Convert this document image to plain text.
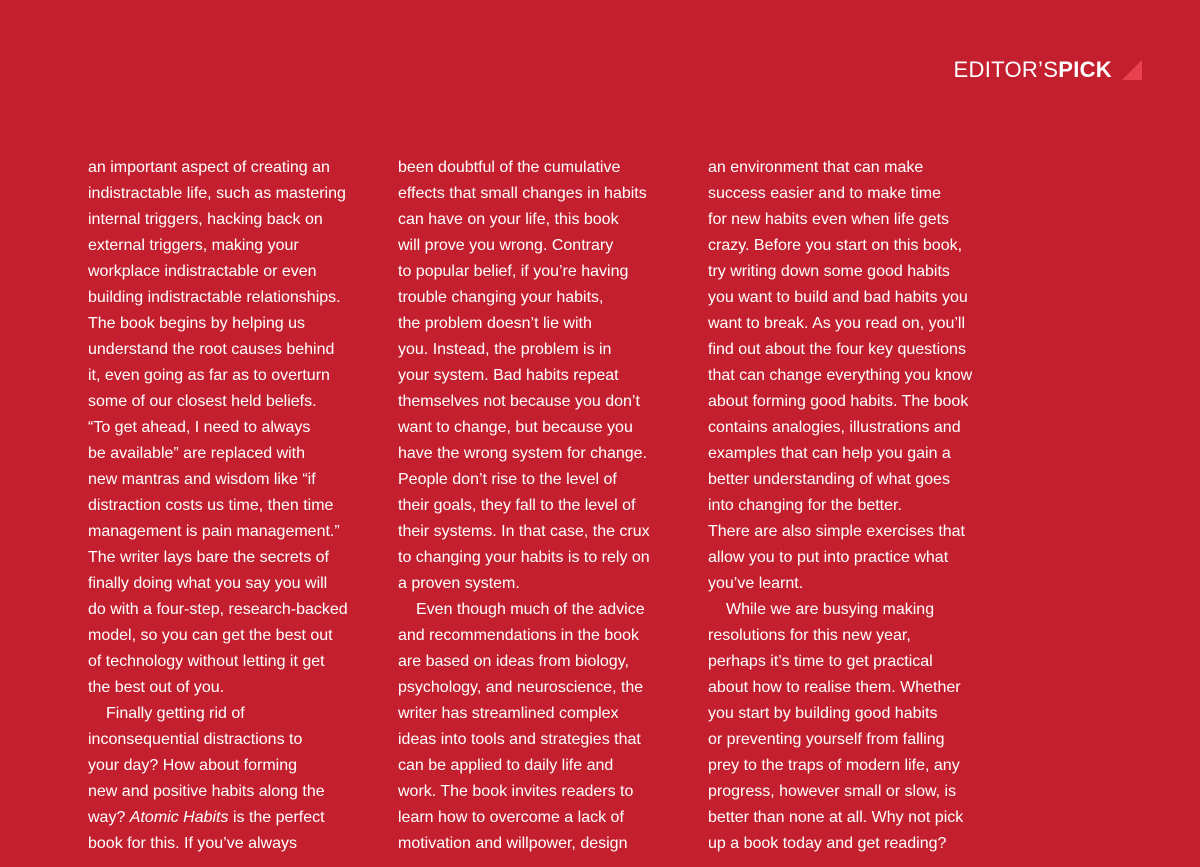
EDITOR’SPICK

an important aspect of creating an
indistractable life, such as mastering
internal triggers, hacking back on
external triggers, making your
workplace indistractable or even
building indistractable relationships.
The book begins by helping us
understand the root causes behind
it, even going as far as to overturn
some of our closest held beliefs.
“To get ahead, I need to always
be available” are replaced with
new mantras and wisdom like “if
distraction costs us time, then time
management is pain management.”
The writer lays bare the secrets of
finally doing what you say you will
do with a four-step, research-backed
model, so you can get the best out
of technology without letting it get
the best out of you.

Finally getting rid of
inconsequential distractions to
your day? How about forming
new and positive habits along the
way? Atomic Habits is the perfect
book for this. If you’ve always

been doubtful of the cumulative
effects that small changes in habits
can have on your life, this book
will prove you wrong. Contrary
to popular belief, if you’re having
trouble changing your habits,
the problem doesn’t lie with
you. Instead, the problem is in
your system. Bad habits repeat
themselves not because you don’t
want to change, but because you
have the wrong system for change.
People don’t rise to the level of
their goals, they fall to the level of
their systems. In that case, the crux
to changing your habits is to rely on
a proven system.

Even though much of the advice
and recommendations in the book
are based on ideas from biology,
psychology, and neuroscience, the
writer has streamlined complex
ideas into tools and strategies that
can be applied to daily life and
work. The book invites readers to
learn how to overcome a lack of
motivation and willpower, design

an environment that can make
success easier and to make time
for new habits even when life gets
crazy. Before you start on this book,
try writing down some good habits
you want to build and bad habits you
want to break. As you read on, you’ll
find out about the four key questions
that can change everything you know
about forming good habits. The book
contains analogies, illustrations and
examples that can help you gain a
better understanding of what goes
into changing for the better.
There are also simple exercises that
allow you to put into practice what
you’ve learnt.

While we are busying making
resolutions for this new year,
perhaps it’s time to get practical
about how to realise them. Whether
you start by building good habits
or preventing yourself from falling
prey to the traps of modern life, any
progress, however small or slow, is
better than none at all. Why not pick
up a book today and get reading?
